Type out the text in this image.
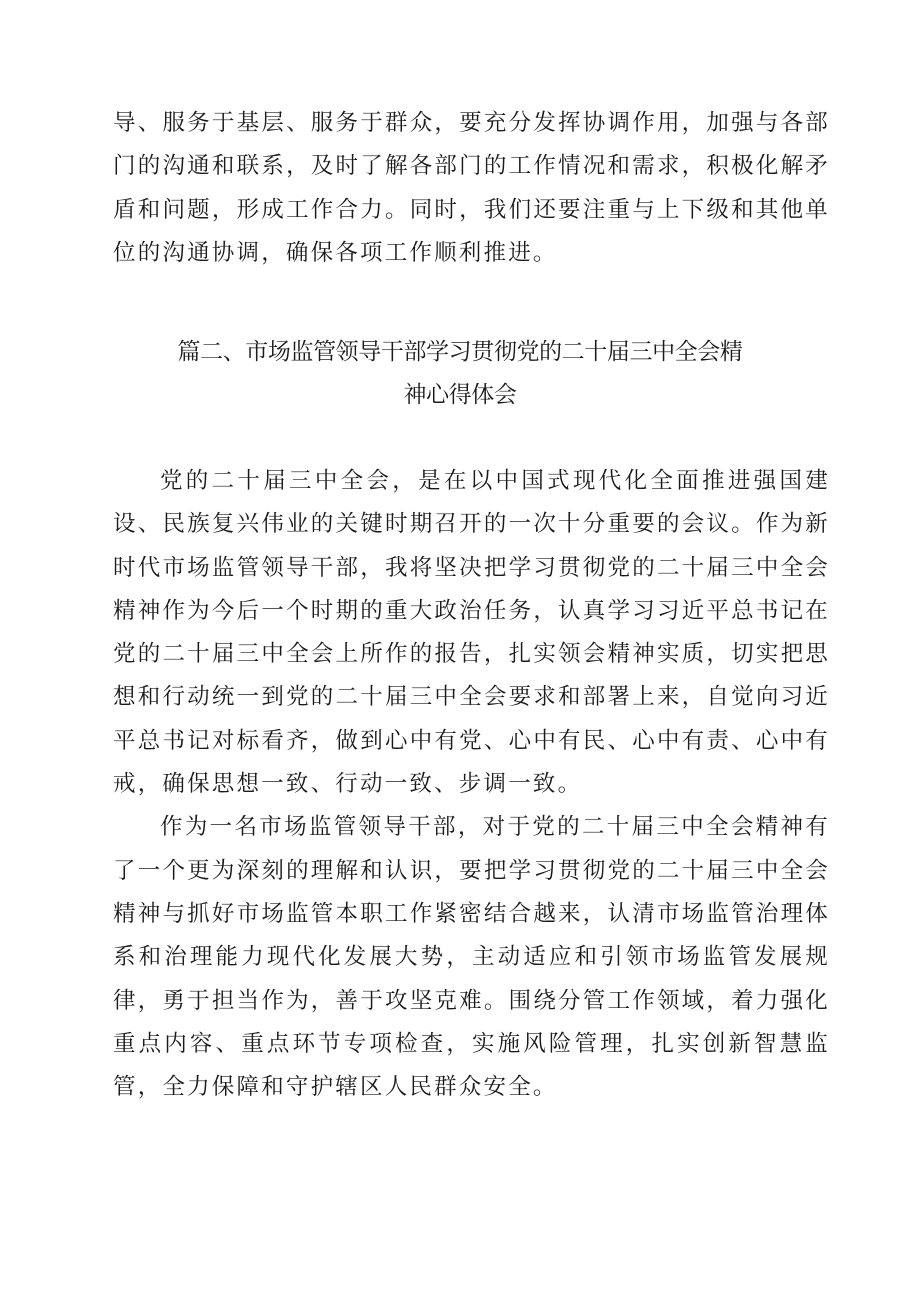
导、服务于基层、服务于群众，要充分发挥协调作用，加强与各部门的沟通和联系，及时了解各部门的工作情况和需求，积极化解矛盾和问题，形成工作合力。同时，我们还要注重与上下级和其他单位的沟通协调，确保各项工作顺利推进。

篇二、市场监管领导干部学习贯彻党的二十届三中全会精
神心得体会

党的二十届三中全会，是在以中国式现代化全面推进强国建设、民族复兴伟业的关键时期召开的一次十分重要的会议。作为新时代市场监管领导干部，我将坚决把学习贯彻党的二十届三中全会精神作为今后一个时期的重大政治任务，认真学习习近平总书记在党的二十届三中全会上所作的报告，扎实领会精神实质，切实把思想和行动统一到党的二十届三中全会要求和部署上来，自觉向习近平总书记对标看齐，做到心中有党、心中有民、心中有责、心中有戒，确保思想一致、行动一致、步调一致。

作为一名市场监管领导干部，对于党的二十届三中全会精神有了一个更为深刻的理解和认识，要把学习贯彻党的二十届三中全会精神与抓好市场监管本职工作紧密结合越来，认清市场监管治理体系和治理能力现代化发展大势，主动适应和引领市场监管发展规律，勇于担当作为，善于攻坚克难。围绕分管工作领域，着力强化重点内容、重点环节专项检查，实施风险管理，扎实创新智慧监管，全力保障和守护辖区人民群众安全。
